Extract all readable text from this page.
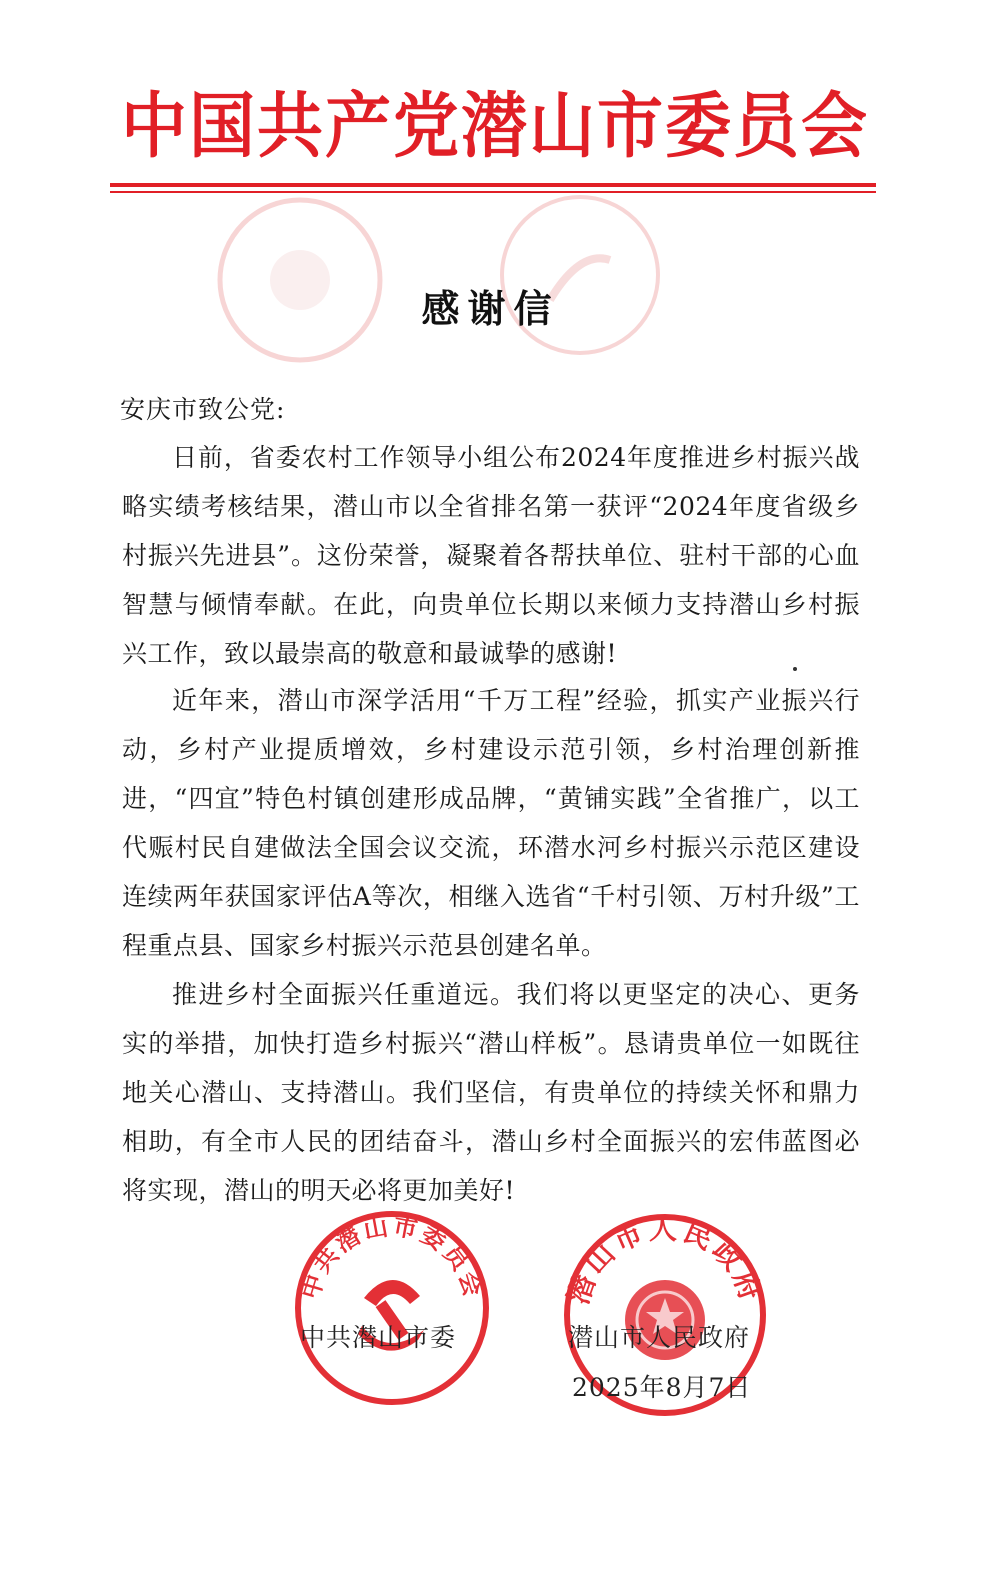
中国共产党潜山市委员会
感谢信
安庆市致公党:

日前，省委农村工作领导小组公布2024年度推进乡村振兴战略实绩考核结果，潜山市以全省排名第一获评“2024年度省级乡村振兴先进县”。这份荣誉，凝聚着各帮扶单位、驻村干部的心血智慧与倾情奉献。在此，向贵单位长期以来倾力支持潜山乡村振兴工作，致以最崇高的敬意和最诚挚的感谢!

近年来，潜山市深学活用“千万工程”经验，抓实产业振兴行动，乡村产业提质增效，乡村建设示范引领，乡村治理创新推进，“四宜”特色村镇创建形成品牌，“黄铺实践”全省推广，以工代赈村民自建做法全国会议交流，环潜水河乡村振兴示范区建设连续两年获国家评估A等次，相继入选省“千村引领、万村升级”工程重点县、国家乡村振兴示范县创建名单。

推进乡村全面振兴任重道远。我们将以更坚定的决心、更务实的举措，加快打造乡村振兴“潜山样板”。恳请贵单位一如既往地关心潜山、支持潜山。我们坚信，有贵单位的持续关怀和鼎力相助，有全市人民的团结奋斗，潜山乡村全面振兴的宏伟蓝图必将实现，潜山的明天必将更加美好!

中共潜山市委员会	潜山市人民政府
中共潜山市委	潜山市人民政府
2025年8月7日
